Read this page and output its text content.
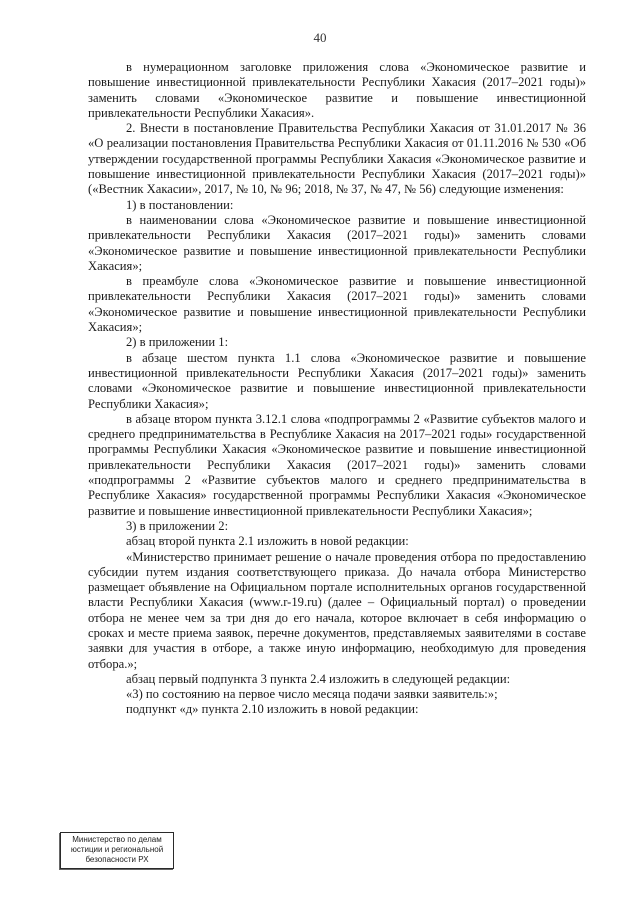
40

в нумерационном заголовке приложения слова «Экономическое развитие и повышение инвестиционной привлекательности Республики Хакасия (2017–2021 годы)» заменить словами «Экономическое развитие и повышение инвестиционной привлекательности Республики Хакасия».

2. Внести в постановление Правительства Республики Хакасия от 31.01.2017 № 36 «О реализации постановления Правительства Республики Хакасия от 01.11.2016 № 530 «Об утверждении государственной программы Республики Хакасия «Экономическое развитие и повышение инвестиционной привлекательности Республики Хакасия (2017–2021 годы)» («Вестник Хакасии», 2017, № 10, № 96; 2018, № 37, № 47, № 56) следующие изменения:

1) в постановлении:

в наименовании слова «Экономическое развитие и повышение инвестиционной привлекательности Республики Хакасия (2017–2021 годы)» заменить словами «Экономическое развитие и повышение инвестиционной привлекательности Республики Хакасия»;

в преамбуле слова «Экономическое развитие и повышение инвестиционной привлекательности Республики Хакасия (2017–2021 годы)» заменить словами «Экономическое развитие и повышение инвестиционной привлекательности Республики Хакасия»;

2) в приложении 1:

в абзаце шестом пункта 1.1 слова «Экономическое развитие и повышение инвестиционной привлекательности Республики Хакасия (2017–2021 годы)» заменить словами «Экономическое развитие и повышение инвестиционной привлекательности Республики Хакасия»;

в абзаце втором пункта 3.12.1 слова «подпрограммы 2 «Развитие субъектов малого и среднего предпринимательства в Республике Хакасия на 2017–2021 годы» государственной программы Республики Хакасия «Экономическое развитие и повышение инвестиционной привлекательности Республики Хакасия (2017–2021 годы)» заменить словами «подпрограммы 2 «Развитие субъектов малого и среднего предпринимательства в Республике Хакасия» государственной программы Республики Хакасия «Экономическое развитие и повышение инвестиционной привлекательности Республики Хакасия»;

3) в приложении 2:

абзац второй пункта 2.1 изложить в новой редакции:

«Министерство принимает решение о начале проведения отбора по предоставлению субсидии путем издания соответствующего приказа. До начала отбора Министерство размещает объявление на Официальном портале исполнительных органов государственной власти Республики Хакасия (www.r-19.ru) (далее – Официальный портал) о проведении отбора не менее чем за три дня до его начала, которое включает в себя информацию о сроках и месте приема заявок, перечне документов, представляемых заявителями в составе заявки для участия в отборе, а также иную информацию, необходимую для проведения отбора.»;

абзац первый подпункта 3 пункта 2.4 изложить в следующей редакции:

«3) по состоянию на первое число месяца подачи заявки заявитель:»;

подпункт «д» пункта 2.10 изложить в новой редакции:

Министерство по делам
юстиции и региональной
безопасности РХ
